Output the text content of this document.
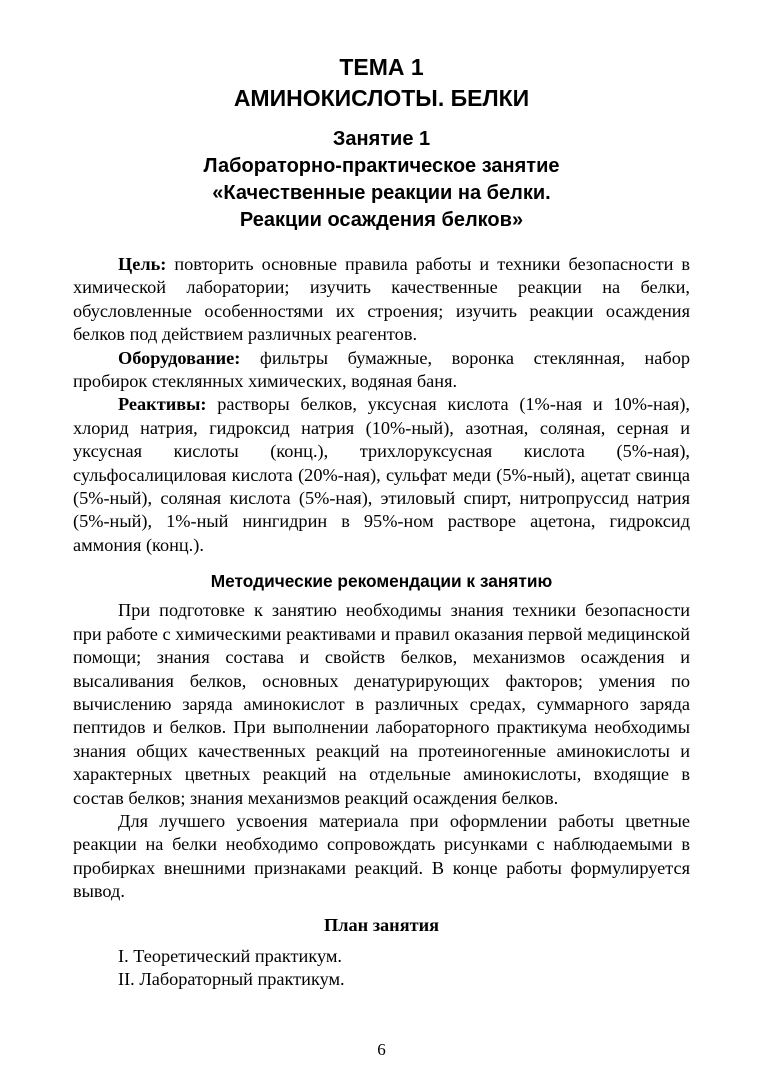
ТЕМА 1
АМИНОКИСЛОТЫ. БЕЛКИ
Занятие 1
Лабораторно-практическое занятие
«Качественные реакции на белки.
Реакции осаждения белков»

Цель: повторить основные правила работы и техники безопасности в химической лаборатории; изучить качественные реакции на белки, обусловленные особенностями их строения; изучить реакции осаждения белков под действием различных реагентов.

Оборудование: фильтры бумажные, воронка стеклянная, набор пробирок стеклянных химических, водяная баня.

Реактивы: растворы белков, уксусная кислота (1%-ная и 10%-ная), хлорид натрия, гидроксид натрия (10%-ный), азотная, соляная, серная и уксусная кислоты (конц.), трихлоруксусная кислота (5%-ная), сульфосалициловая кислота (20%-ная), сульфат меди (5%-ный), ацетат свинца (5%-ный), соляная кислота (5%-ная), этиловый спирт, нитропруссид натрия (5%-ный), 1%-ный нингидрин в 95%-ном растворе ацетона, гидроксид аммония (конц.).

Методические рекомендации к занятию

При подготовке к занятию необходимы знания техники безопасности при работе с химическими реактивами и правил оказания первой медицинской помощи; знания состава и свойств белков, механизмов осаждения и высаливания белков, основных денатурирующих факторов; умения по вычислению заряда аминокислот в различных средах, суммарного заряда пептидов и белков. При выполнении лабораторного практикума необходимы знания общих качественных реакций на протеиногенные аминокислоты и характерных цветных реакций на отдельные аминокислоты, входящие в состав белков; знания механизмов реакций осаждения белков.

Для лучшего усвоения материала при оформлении работы цветные реакции на белки необходимо сопровождать рисунками с наблюдаемыми в пробирках внешними признаками реакций. В конце работы формулируется вывод.

План занятия

I. Теоретический практикум.

II. Лабораторный практикум.

6
